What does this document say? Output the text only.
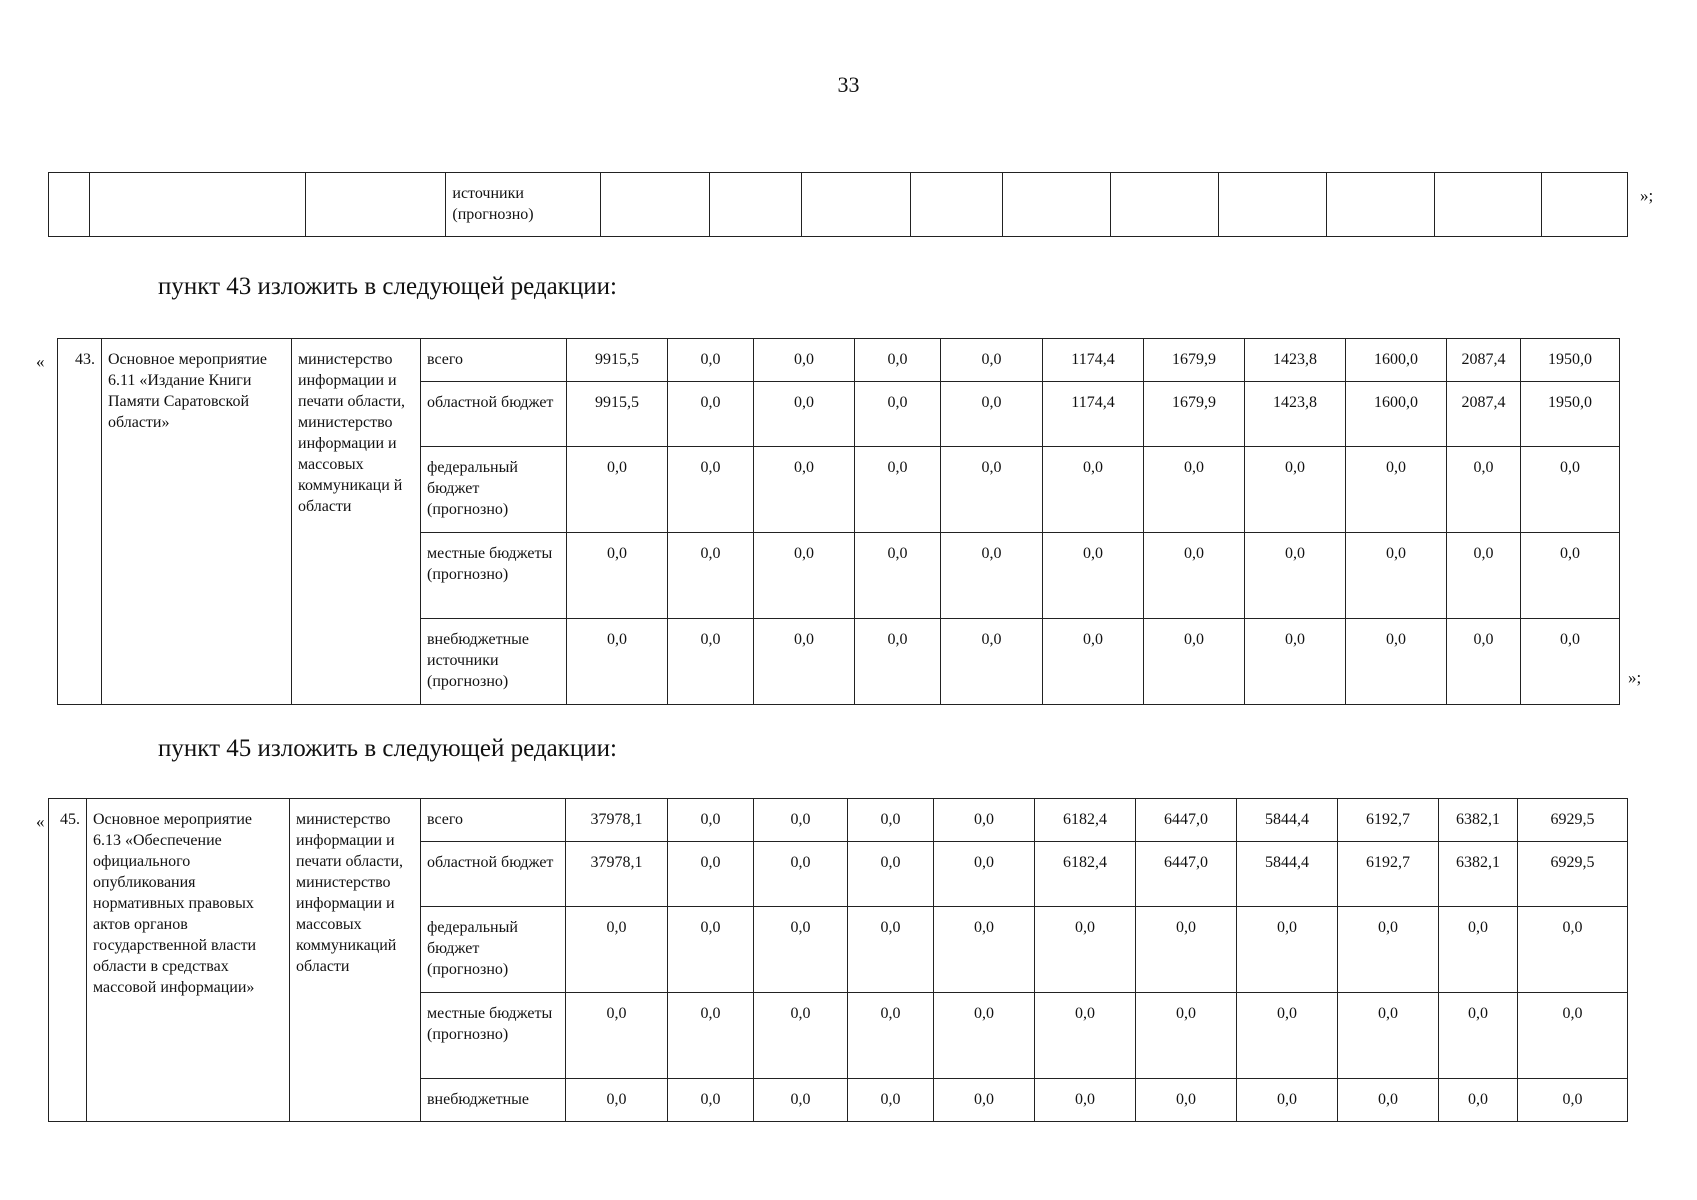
33
			источники
(прогнозно)										
»;
пункт 43 изложить в следующей редакции:
« 43.	Основное мероприятие 6.11 «Издание Книги Памяти Саратовской области»	министерство информации и печати области, министерство информации и массовых коммуникаци й области	всего	9915,5	0,0	0,0	0,0	0,0	1174,4	1679,9	1423,8	1600,0	2087,4	1950,0
			областной бюджет	9915,5	0,0	0,0	0,0	0,0	1174,4	1679,9	1423,8	1600,0	2087,4	1950,0
			федеральный бюджет (прогнозно)	0,0	0,0	0,0	0,0	0,0	0,0	0,0	0,0	0,0	0,0	0,0
			местные бюджеты (прогнозно)	0,0	0,0	0,0	0,0	0,0	0,0	0,0	0,0	0,0	0,0	0,0
			внебюджетные источники (прогнозно)	0,0	0,0	0,0	0,0	0,0	0,0	0,0	0,0	0,0	0,0	0,0
»;
пункт 45 изложить в следующей редакции:
« 45.	Основное мероприятие 6.13 «Обеспечение официального опубликования нормативных правовых актов органов государственной власти области в средствах массовой информации»	министерство информации и печати области, министерство информации и массовых коммуникаций области	всего	37978,1	0,0	0,0	0,0	0,0	6182,4	6447,0	5844,4	6192,7	6382,1	6929,5
			областной бюджет	37978,1	0,0	0,0	0,0	0,0	6182,4	6447,0	5844,4	6192,7	6382,1	6929,5
			федеральный бюджет (прогнозно)	0,0	0,0	0,0	0,0	0,0	0,0	0,0	0,0	0,0	0,0	0,0
			местные бюджеты (прогнозно)	0,0	0,0	0,0	0,0	0,0	0,0	0,0	0,0	0,0	0,0	0,0
			внебюджетные	0,0	0,0	0,0	0,0	0,0	0,0	0,0	0,0	0,0	0,0	0,0
